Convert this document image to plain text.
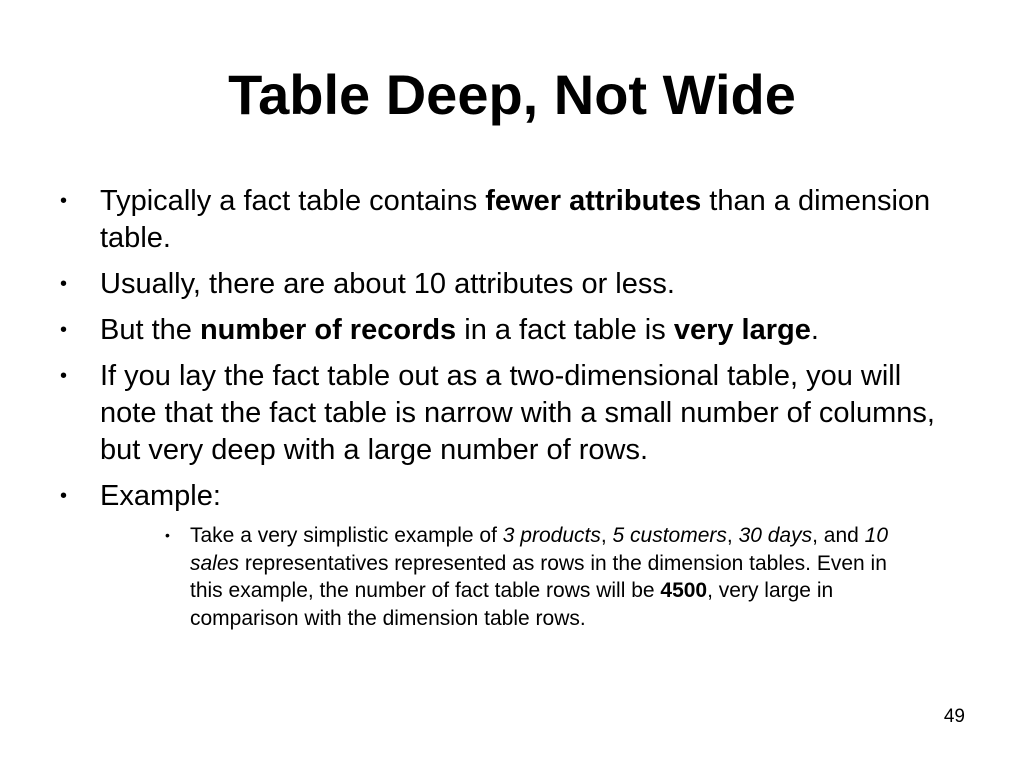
Table Deep, Not Wide
• Typically a fact table contains fewer attributes than a dimension table.
• Usually, there are about 10 attributes or less.
• But the number of records in a fact table is very large.
• If you lay the fact table out as a two-dimensional table, you will note that the fact table is narrow with a small number of columns, but very deep with a large number of rows.
• Example:
• Take a very simplistic example of 3 products, 5 customers, 30 days, and 10 sales representatives represented as rows in the dimension tables. Even in this example, the number of fact table rows will be 4500, very large in comparison with the dimension table rows.
49
